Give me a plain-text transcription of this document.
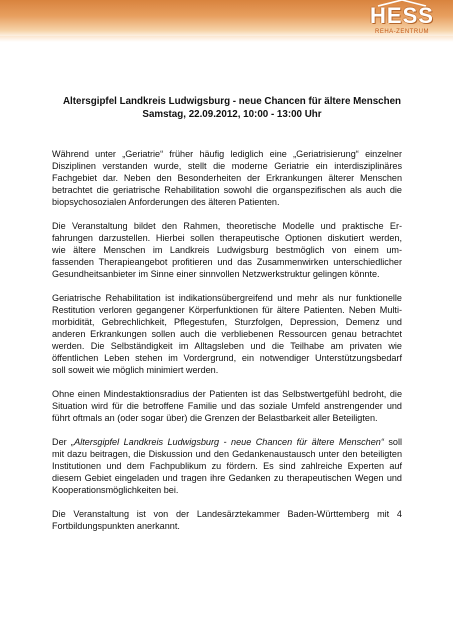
HESS
REHA-ZENTRUM
Altersgipfel Landkreis Ludwigsburg - neue Chancen für ältere Menschen
Samstag, 22.09.2012, 10:00 - 13:00 Uhr
Während unter „Geriatrie“ früher häufig lediglich eine „Geriatrisierung“ einzelner
Disziplinen verstanden wurde, stellt die moderne Geriatrie ein interdisziplinäres
Fachgebiet dar. Neben den Besonderheiten der Erkrankungen älterer Menschen
betrachtet die geriatrische Rehabilitation sowohl die organspezifischen als auch die
biopsychosozialen Anforderungen des älteren Patienten.
Die Veranstaltung bildet den Rahmen, theoretische Modelle und praktische Er-
fahrungen darzustellen. Hierbei sollen therapeutische Optionen diskutiert werden,
wie ältere Menschen im Landkreis Ludwigsburg bestmöglich von einem um-
fassenden Therapieangebot profitieren und das Zusammenwirken unterschiedlicher
Gesundheitsanbieter im Sinne einer sinnvollen Netzwerkstruktur gelingen könnte.
Geriatrische Rehabilitation ist indikationsübergreifend und mehr als nur funktionelle
Restitution verloren gegangener Körperfunktionen für ältere Patienten. Neben Multi-
morbidität, Gebrechlichkeit, Pflegestufen, Sturzfolgen, Depression, Demenz und
anderen Erkrankungen sollen auch die verbliebenen Ressourcen genau betrachtet
werden. Die Selbständigkeit im Alltagsleben und die Teilhabe am privaten wie
öffentlichen Leben stehen im Vordergrund, ein notwendiger Unterstützungsbedarf
soll soweit wie möglich minimiert werden.
Ohne einen Mindestaktionsradius der Patienten ist das Selbstwertgefühl bedroht, die
Situation wird für die betroffene Familie und das soziale Umfeld anstrengender und
führt oftmals an (oder sogar über) die Grenzen der Belastbarkeit aller Beteiligten.
Der „Altersgipfel Landkreis Ludwigsburg - neue Chancen für ältere Menschen“ soll
mit dazu beitragen, die Diskussion und den Gedankenaustausch unter den beteiligten
Institutionen und dem Fachpublikum zu fördern. Es sind zahlreiche Experten auf
diesem Gebiet eingeladen und tragen ihre Gedanken zu therapeutischen Wegen und
Kooperationsmöglichkeiten bei.
Die Veranstaltung ist von der Landesärztekammer Baden-Württemberg mit 4
Fortbildungspunkten anerkannt.
